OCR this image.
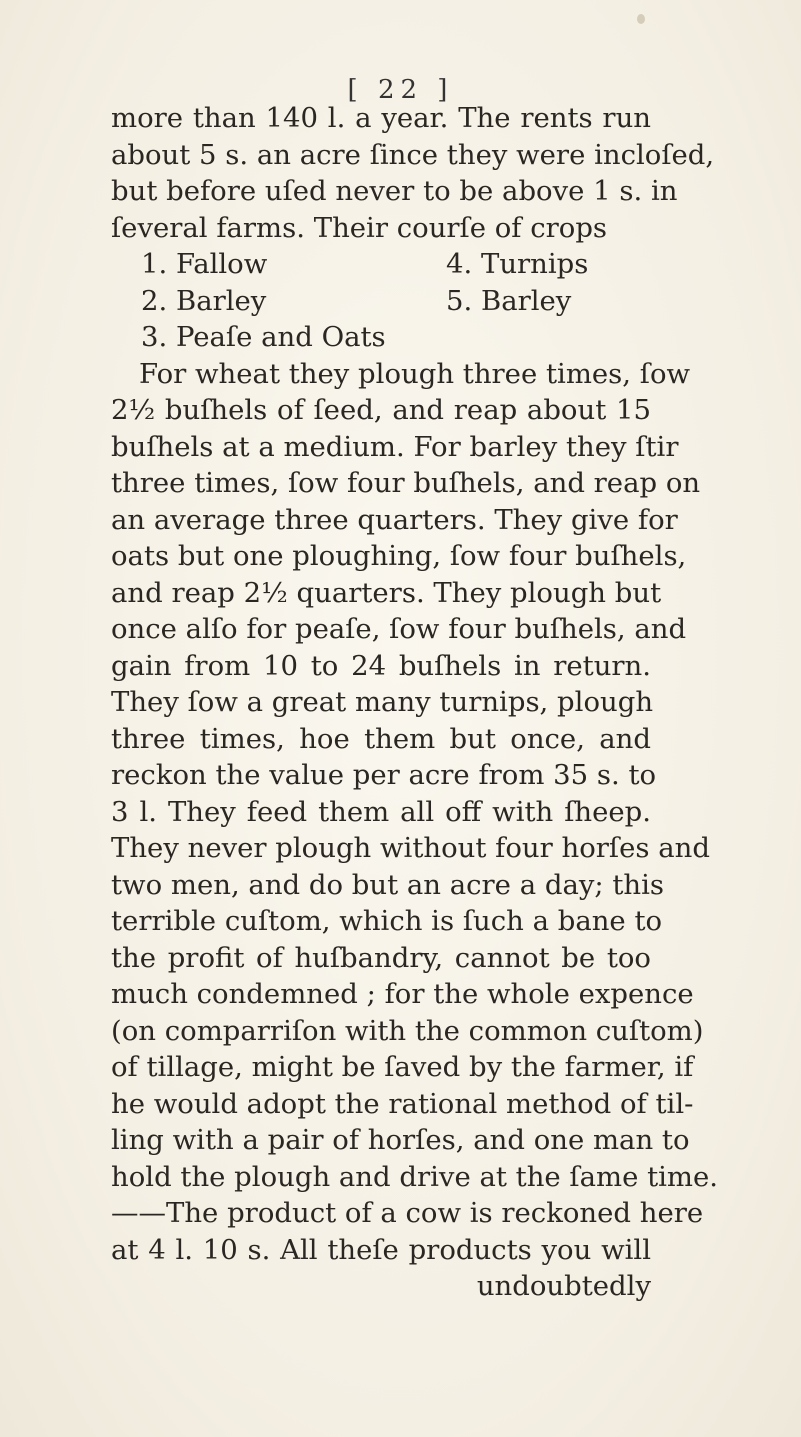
[ 22 ]
more than 140 l. a year. The rents run
about 5 s. an acre ſince they were incloſed,
but before uſed never to be above 1 s. in
ſeveral farms. Their courſe of crops
1. Fallow	4. Turnips
2. Barley	5. Barley
3. Peaſe and Oats
For wheat they plough three times, ſow
2½ buſhels of ſeed, and reap about 15
buſhels at a medium. For barley they ſtir
three times, ſow four buſhels, and reap on
an average three quarters. They give for
oats but one ploughing, ſow four buſhels,
and reap 2½ quarters. They plough but
once alſo for peaſe, ſow four buſhels, and
gain from 10 to 24 buſhels in return.
They ſow a great many turnips, plough
three times, hoe them but once, and
reckon the value per acre from 35 s. to
3 l. They feed them all off with ſheep.
They never plough without four horſes and
two men, and do but an acre a day; this
terrible cuſtom, which is ſuch a bane to
the profit of huſbandry, cannot be too
much condemned ; for the whole expence
(on comparriſon with the common cuſtom)
of tillage, might be ſaved by the farmer, if
he would adopt the rational method of til-
ling with a pair of horſes, and one man to
hold the plough and drive at the ſame time.
——The product of a cow is reckoned here
at 4 l. 10 s. All theſe products you will
undoubtedly
